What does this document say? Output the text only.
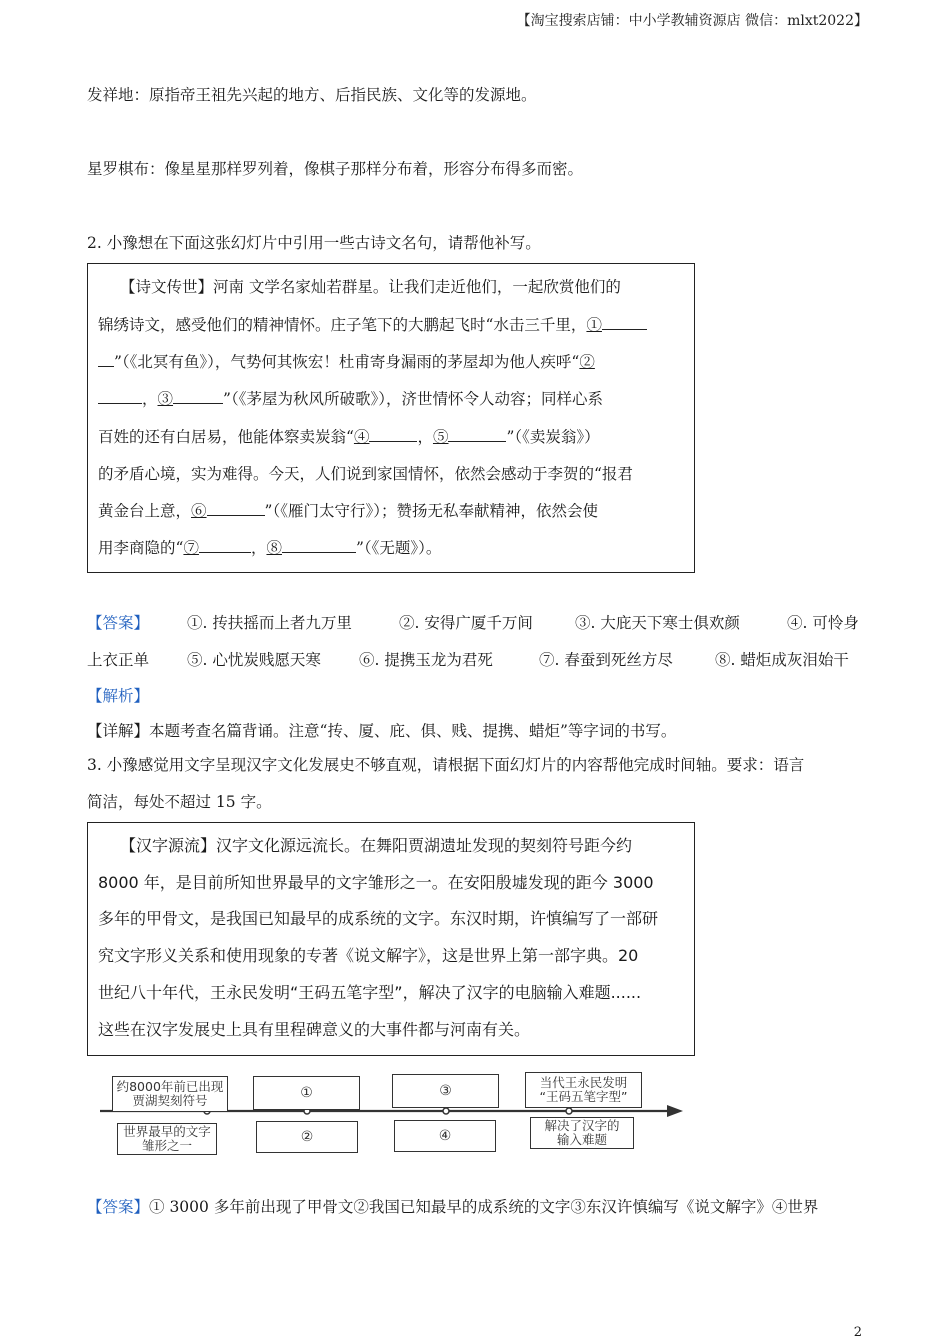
【淘宝搜索店铺：中小学教辅资源店 微信：mlxt2022】
发祥地：原指帝王祖先兴起的地方、后指民族、文化等的发源地。
星罗棋布：像星星那样罗列着，像棋子那样分布着，形容分布得多而密。
2. 小豫想在下面这张幻灯片中引用一些古诗文名句，请帮他补写。

【诗文传世】河南 文学名家灿若群星。让我们走近他们，一起欣赏他们的

锦绣诗文，感受他们的精神情怀。庄子笔下的大鹏起飞时“水击三千里，①

”（《北冥有鱼》），气势何其恢宏！杜甫寄身漏雨的茅屋却为他人疾呼“②

，③	”（《茅屋为秋风所破歌》），济世情怀令人动容；同样心系

百姓的还有白居易，他能体察卖炭翁“④	，⑤	”（《卖炭翁》）

的矛盾心境，实为难得。今天，人们说到家国情怀，依然会感动于李贺的“报君

黄金台上意，⑥	”（《雁门太守行》）；赞扬无私奉献精神，依然会使

用李商隐的“⑦	，⑧	”（《无题》）。

【答案】 ①. 抟扶摇而上者九万里	②. 安得广厦千万间	③. 大庇天下寒士俱欢颜	④. 可怜身
上衣正单 ⑤. 心忧炭贱愿天寒 ⑥. 提携玉龙为君死	⑦. 春蚕到死丝方尽	⑧. 蜡炬成灰泪始干
【解析】
【详解】本题考查名篇背诵。注意“抟、厦、庇、俱、贱、提携、蜡炬”等字词的书写。
3. 小豫感觉用文字呈现汉字文化发展史不够直观，请根据下面幻灯片的内容帮他完成时间轴。要求：语言
简洁，每处不超过 15 字。

【汉字源流】汉字文化源远流长。在舞阳贾湖遗址发现的契刻符号距今约

8000 年，是目前所知世界最早的文字雏形之一。在安阳殷墟发现的距今 3000

多年的甲骨文，是我国已知最早的成系统的文字。东汉时期，许慎编写了一部研

究文字形义关系和使用现象的专著《说文解字》，这是世界上第一部字典。20

世纪八十年代，王永民发明“王码五笔字型”，解决了汉字的电脑输入难题......

这些在汉字发展史上具有里程碑意义的大事件都与河南有关。

约8000年前已出现
贾湖契刻符号	①	③
当代王永民发明
“王码五笔字型”
世界最早的文字
雏形之一
②	④
解决了汉字的
输入难题
【答案】① 3000 多年前出现了甲骨文②我国已知最早的成系统的文字③东汉许慎编写《说文解字》④世界
2
